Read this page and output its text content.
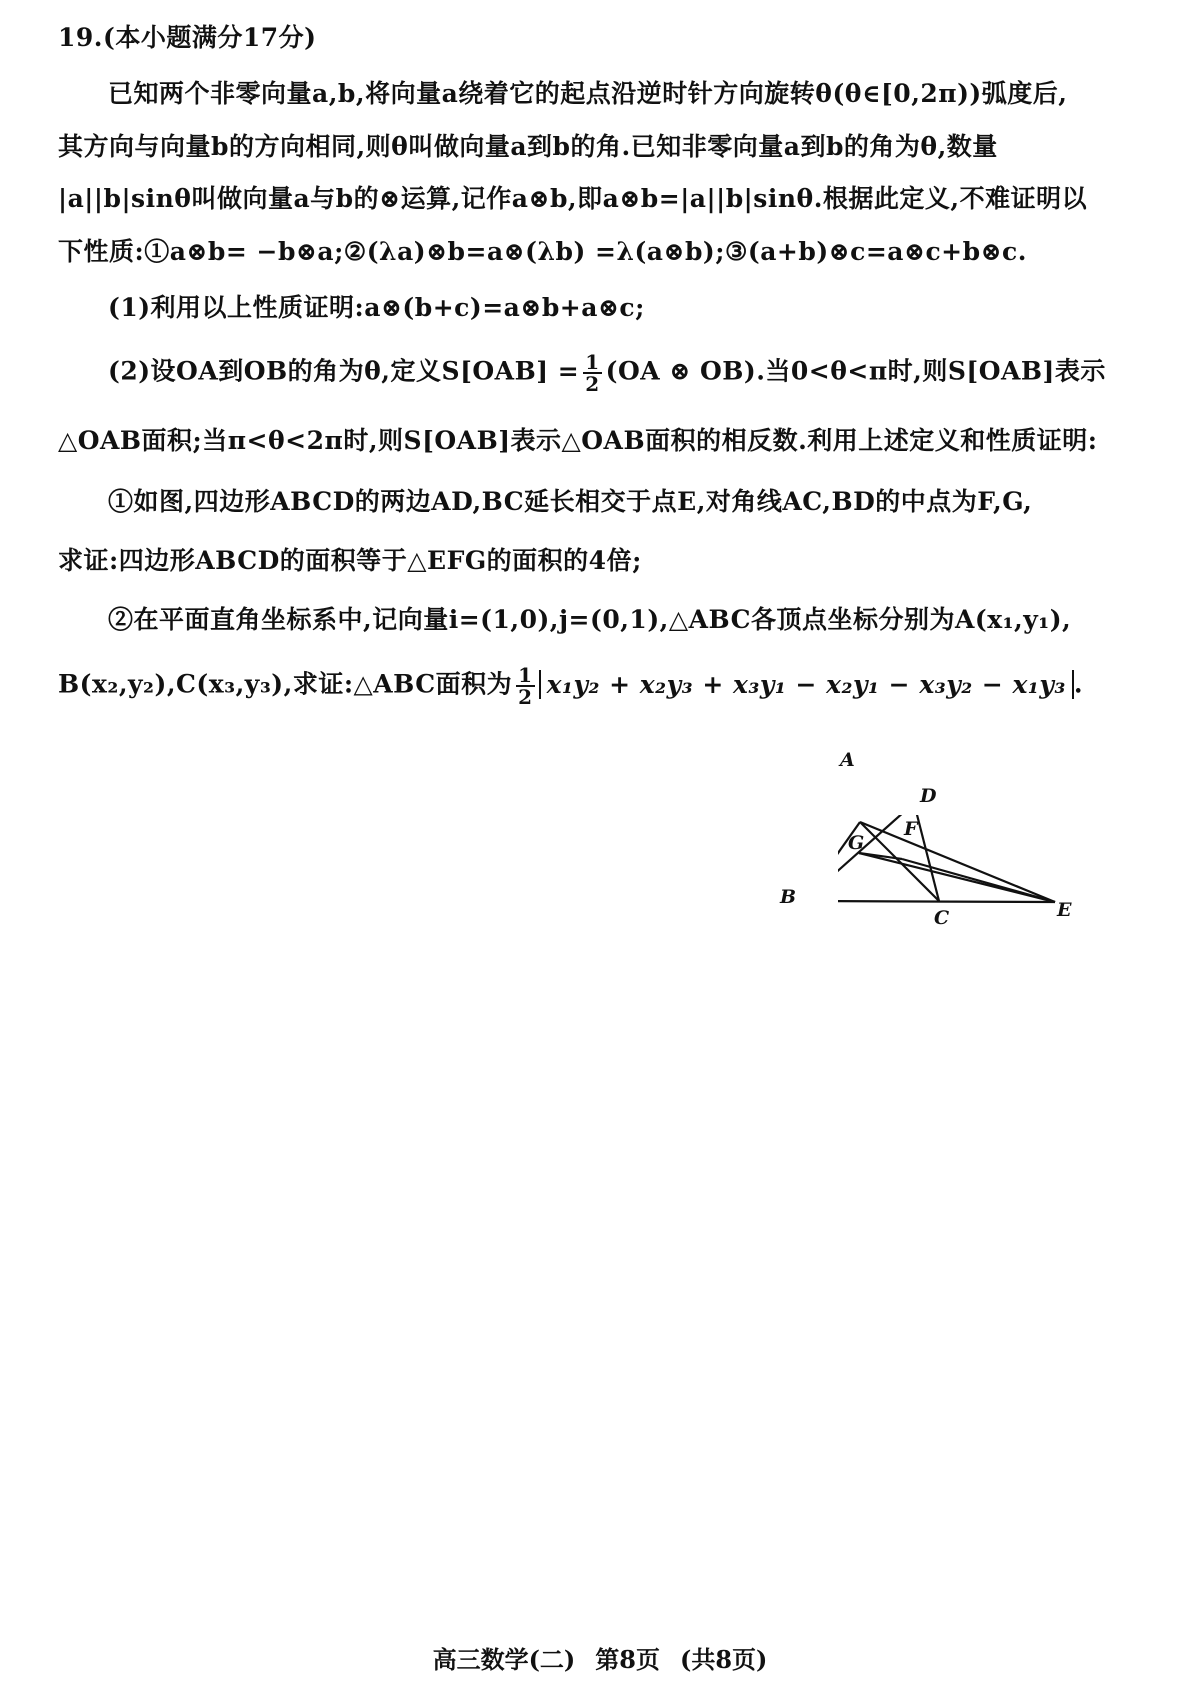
19.(本小题满分17分)
已知两个非零向量a,b,将向量a绕着它的起点沿逆时针方向旋转θ(θ∈[0,2π))弧度后,
其方向与向量b的方向相同,则θ叫做向量a到b的角.已知非零向量a到b的角为θ,数量
|a||b|sinθ叫做向量a与b的⊗运算,记作a⊗b,即a⊗b=|a||b|sinθ.根据此定义,不难证明以
下性质:①a⊗b= −b⊗a;②(λa)⊗b=a⊗(λb) =λ(a⊗b);③(a+b)⊗c=a⊗c+b⊗c.
(1)利用以上性质证明:a⊗(b+c)=a⊗b+a⊗c;
(2)设OA到OB的角为θ,定义$S[OAB] = \frac{1}{2} (OA$ ⊗ OB).当0<θ<π时,则S[OAB]表示
△OAB面积;当π<θ<2π时,则S[OAB]表示△OAB面积的相反数.利用上述定义和性质证明:
①如图,四边形ABCD的两边AD,BC延长相交于点E,对角线AC,BD的中点为F,G,
求证:四边形ABCD的面积等于△EFG的面积的4倍;
②在平面直角坐标系中,记向量i=(1,0),j=(0,1),△ABC各顶点坐标分别为A(x₁,y₁),
B(x₂,y₂),C(x₃,y₃),求证:△ABC面积为 $\frac{1}{2} x_1y_2 + x_2y_3 + x_3y_1 - x_2y_1 - x_3y_2 - x_1y_3$ .
A
D
F
G
B
C	E
高三数学(二) 第8页 (共8页)
